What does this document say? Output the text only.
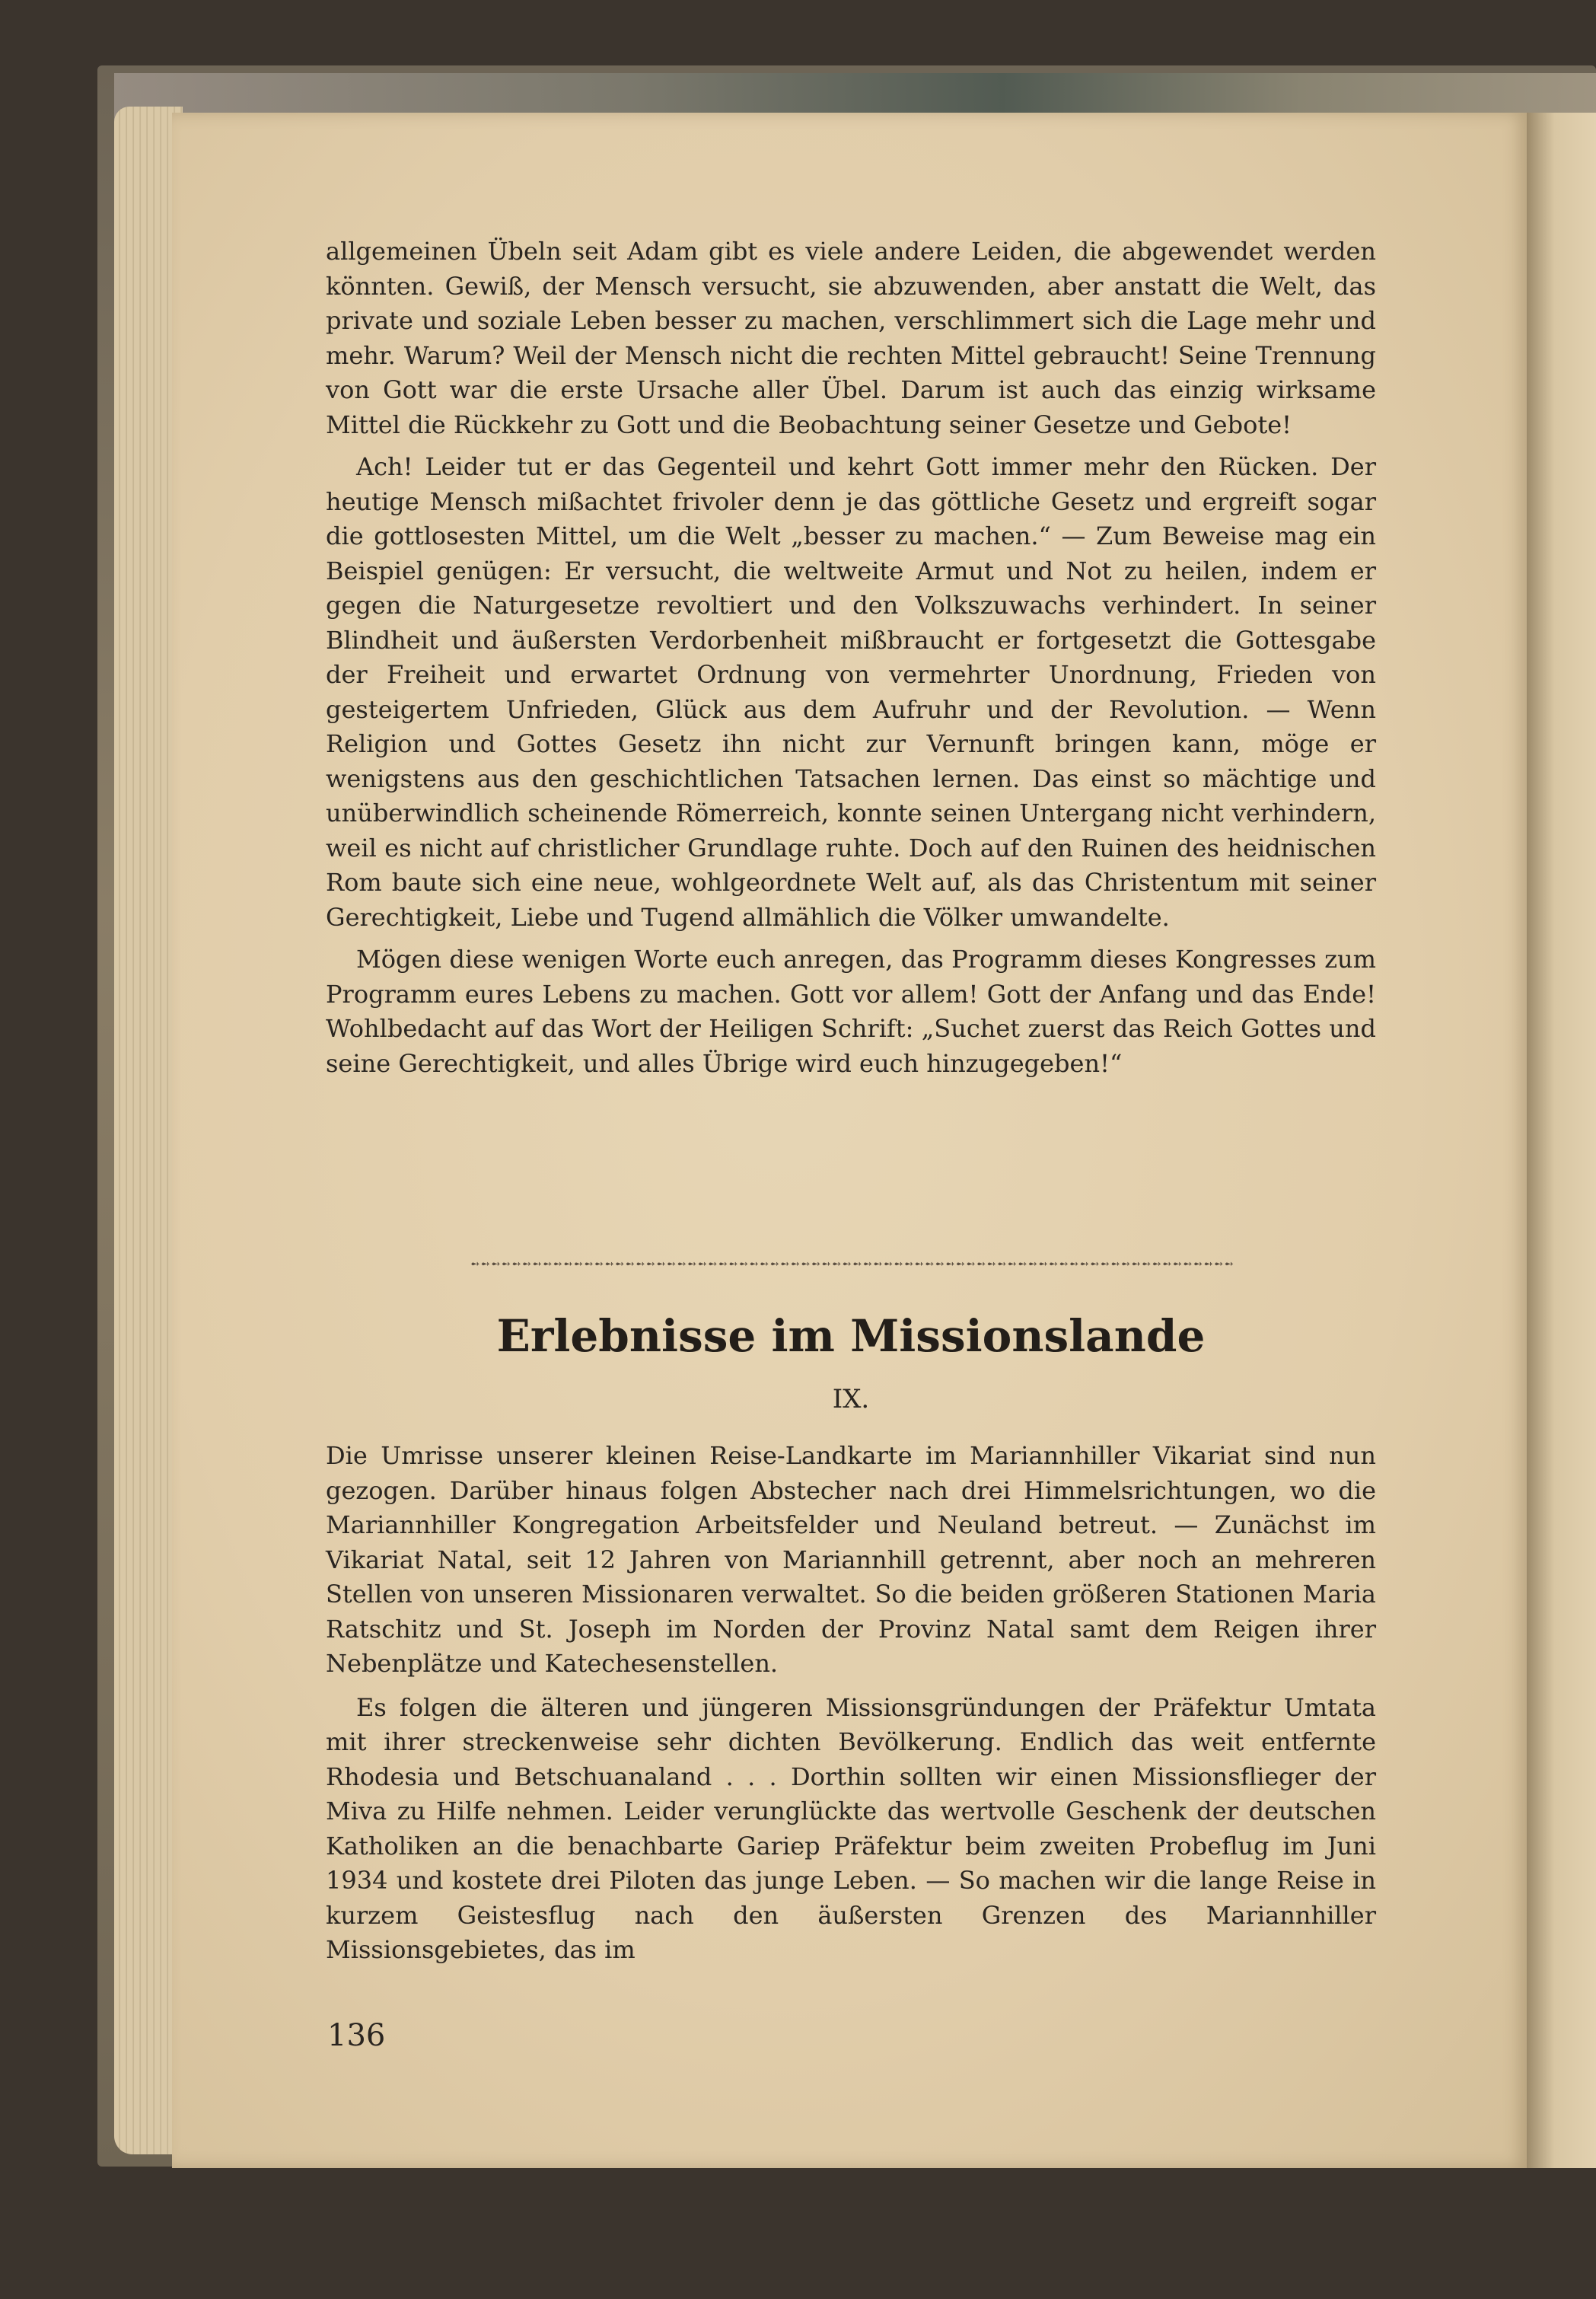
allgemeinen Übeln seit Adam gibt es viele andere Leiden, die abgewendet werden könnten. Gewiß, der Mensch versucht, sie abzuwenden, aber anstatt die Welt, das private und soziale Leben besser zu machen, verschlimmert sich die Lage mehr und mehr. Warum? Weil der Mensch nicht die rechten Mittel gebraucht! Seine Trennung von Gott war die erste Ursache aller Übel. Darum ist auch das einzig wirksame Mittel die Rückkehr zu Gott und die Beobachtung seiner Gesetze und Gebote!

Ach! Leider tut er das Gegenteil und kehrt Gott immer mehr den Rücken. Der heutige Mensch mißachtet frivoler denn je das göttliche Gesetz und ergreift sogar die gottlosesten Mittel, um die Welt „besser zu machen.“ — Zum Beweise mag ein Beispiel genügen: Er versucht, die weltweite Armut und Not zu heilen, indem er gegen die Naturgesetze revoltiert und den Volkszuwachs verhindert. In seiner Blindheit und äußersten Verdorbenheit mißbraucht er fortgesetzt die Gottesgabe der Freiheit und erwartet Ordnung von vermehrter Unordnung, Frieden von gesteigertem Unfrieden, Glück aus dem Aufruhr und der Revolution. — Wenn Religion und Gottes Gesetz ihn nicht zur Vernunft bringen kann, möge er wenigstens aus den geschichtlichen Tatsachen lernen. Das einst so mächtige und unüberwindlich scheinende Römerreich, konnte seinen Untergang nicht verhindern, weil es nicht auf christlicher Grundlage ruhte. Doch auf den Ruinen des heidnischen Rom baute sich eine neue, wohlgeordnete Welt auf, als das Christentum mit seiner Gerechtigkeit, Liebe und Tugend allmählich die Völker umwandelte.

Mögen diese wenigen Worte euch anregen, das Programm dieses Kongresses zum Programm eures Lebens zu machen. Gott vor allem! Gott der Anfang und das Ende! Wohlbedacht auf das Wort der Heiligen Schrift: „Suchet zuerst das Reich Gottes und seine Gerechtigkeit, und alles Übrige wird euch hinzugegeben!“

➻➻➻➻➻➻➻➻➻➻➻➻➻➻➻➻➻➻➻➻➻➻➻➻➻➻➻➻➻➻➻➻➻➻➻➻➻➻➻➻➻➻➻➻➻➻➻➻➻➻➻➻➻➻➻➻➻➻➻➻➻➻➻➻➻➻➻➻➻➻➻➻➻➻
Erlebnisse im Missionslande
IX.

Die Umrisse unserer kleinen Reise-Landkarte im Mariannhiller Vikariat sind nun gezogen. Darüber hinaus folgen Abstecher nach drei Himmelsrichtungen, wo die Mariannhiller Kongregation Arbeitsfelder und Neuland betreut. — Zunächst im Vikariat Natal, seit 12 Jahren von Mariannhill getrennt, aber noch an mehreren Stellen von unseren Missionaren verwaltet. So die beiden größeren Stationen Maria Ratschitz und St. Joseph im Norden der Provinz Natal samt dem Reigen ihrer Nebenplätze und Katechesenstellen.

Es folgen die älteren und jüngeren Missionsgründungen der Präfektur Umtata mit ihrer streckenweise sehr dichten Bevölkerung. Endlich das weit entfernte Rhodesia und Betschuanaland . . . Dorthin sollten wir einen Missionsflieger der Miva zu Hilfe nehmen. Leider verunglückte das wertvolle Geschenk der deutschen Katholiken an die benachbarte Gariep Präfektur beim zweiten Probeflug im Juni 1934 und kostete drei Piloten das junge Leben. — So machen wir die lange Reise in kurzem Geistesflug nach den äußersten Grenzen des Mariannhiller Missionsgebietes, das im

136
